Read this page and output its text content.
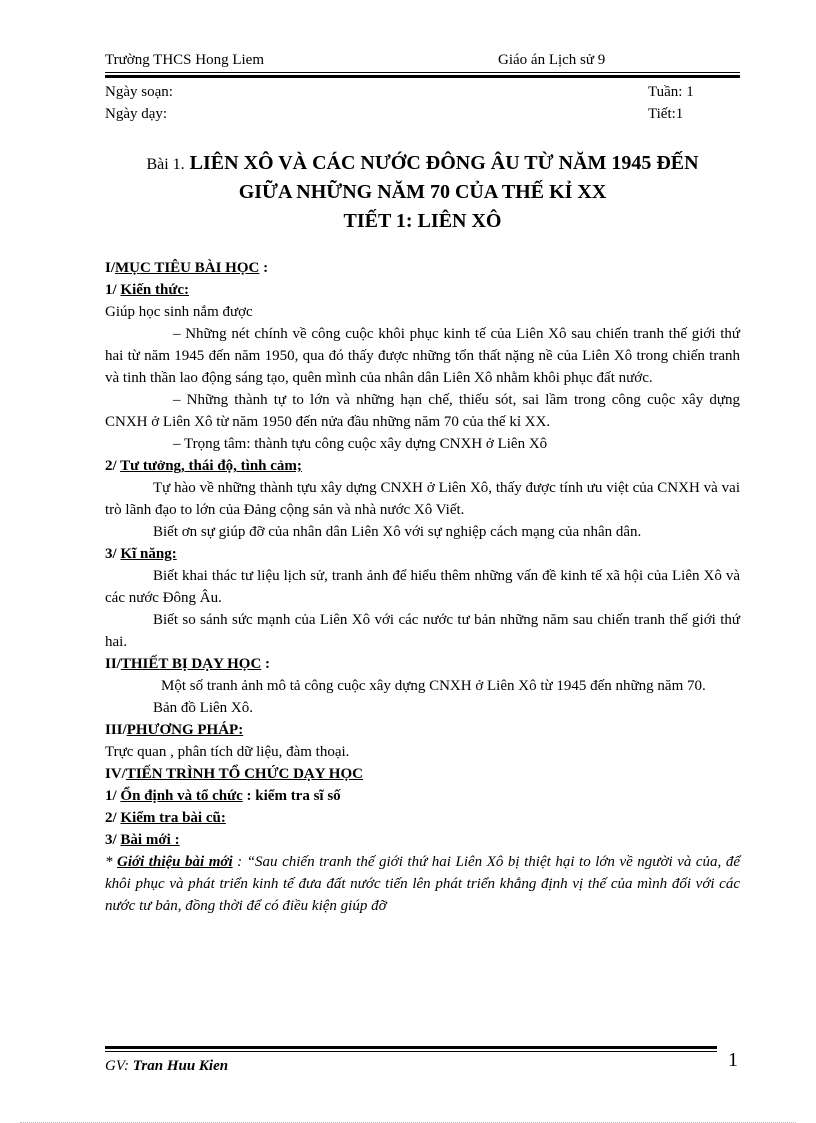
Trường THCS Hong Liem	Giáo án Lịch sử 9
Ngày soạn:
Ngày dạy:
Tuần: 1
Tiết:1
Bài 1. LIÊN XÔ VÀ CÁC NƯỚC ĐÔNG ÂU TỪ NĂM 1945 ĐẾN
GIỮA NHỮNG NĂM 70 CỦA THẾ KỈ XX
TIẾT 1: LIÊN XÔ

I/MỤC TIÊU BÀI HỌC :

1/ Kiến thức:

Giúp học sinh nắm được

– Những nét chính về công cuộc khôi phục kinh tế của Liên Xô sau chiến tranh thế giới thứ hai từ năm 1945 đến năm 1950, qua đó thấy được những tổn thất nặng nề của Liên Xô trong chiến tranh và tinh thần lao động sáng tạo, quên mình của nhân dân Liên Xô nhằm khôi phục đất nước.

– Những thành tự to lớn và những hạn chế, thiếu sót, sai lầm trong công cuộc xây dựng CNXH ở Liên Xô từ năm 1950 đến nửa đầu những năm 70 của thế kỉ XX.

– Trọng tâm: thành tựu công cuộc xây dựng CNXH ở Liên Xô

2/ Tư tưởng, thái độ, tình cảm;

Tự hào về những thành tựu xây dựng CNXH ở Liên Xô, thấy được tính ưu việt của CNXH và vai trò lãnh đạo to lớn của Đảng cộng sản và nhà nước Xô Viết.

Biết ơn sự giúp đỡ của nhân dân Liên Xô với sự nghiệp cách mạng của nhân dân.

3/ Kĩ năng:

Biết khai thác tư liệu lịch sử, tranh ảnh để hiểu thêm những vấn đề kinh tế xã hội của Liên Xô và các nước Đông Âu.

Biết so sánh sức mạnh của Liên Xô với các nước tư bản những năm sau chiến tranh thế giới thứ hai.

II/THIẾT BỊ DẠY HỌC :

Một số tranh ảnh mô tả công cuộc xây dựng CNXH ở Liên Xô từ 1945 đến những năm 70.

Bản đồ Liên Xô.

III/PHƯƠNG PHÁP:

Trực quan , phân tích dữ liệu, đàm thoại.

IV/TIẾN TRÌNH TỔ CHỨC DẠY HỌC

1/ Ổn định và tổ chức : kiểm tra sĩ số

2/ Kiểm tra bài cũ:

3/ Bài mới :

* Giới thiệu bài mới : “Sau chiến tranh thế giới thứ hai Liên Xô bị thiệt hại to lớn về người và của, để khôi phục và phát triển kinh tế đưa đất nước tiến lên phát triển khẳng định vị thế của mình đối với các nước tư bản, đồng thời để có điều kiện giúp đỡ

GV: Tran Huu Kien	1
